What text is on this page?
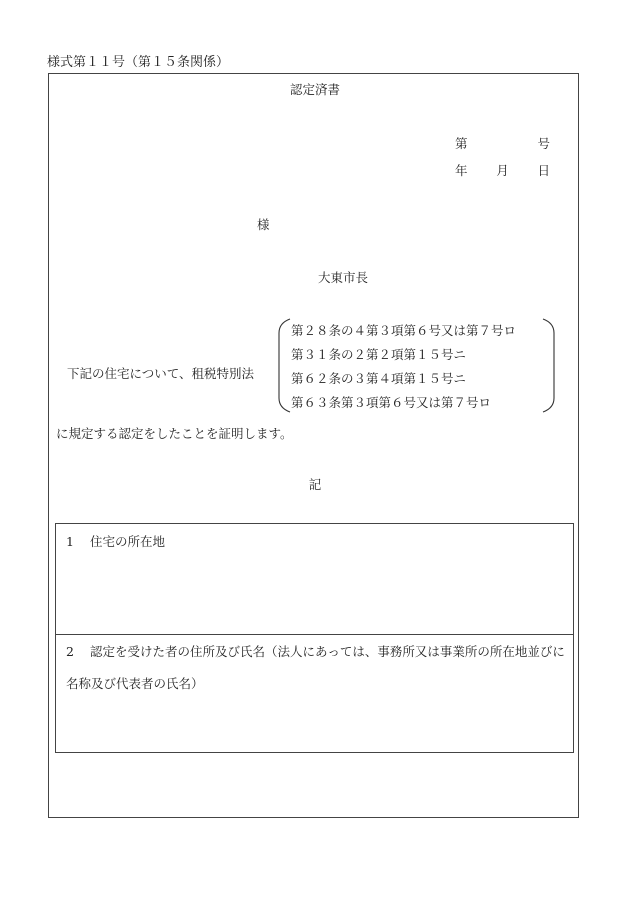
様式第１１号（第１５条関係）
認定済書
第	号
年 月 日
様
大東市長
下記の住宅について、租税特別法
第２８条の４第３項第６号又は第７号ロ
第３１条の２第２項第１５号ニ
第６２条の３第４項第１５号ニ
第６３条第３項第６号又は第７号ロ
に規定する認定をしたことを証明します。
記
1 住宅の所在地
2 認定を受けた者の住所及び氏名（法人にあっては、事務所又は事業所の所在地並びに名称及び代表者の氏名）
